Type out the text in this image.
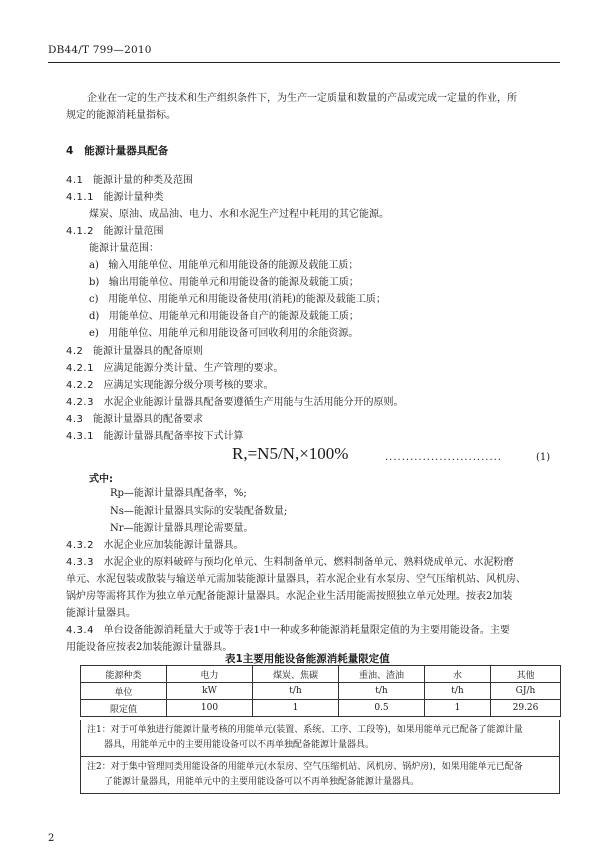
DB44/T 799—2010
企业在一定的生产技术和生产组织条件下，为生产一定质量和数量的产品或完成一定量的作业，所
规定的能源消耗量指标。
4 能源计量器具配备
4.1 能源计量的种类及范围
4.1.1 能源计量种类
煤炭、原油、成品油、电力、水和水泥生产过程中耗用的其它能源。
4.1.2 能源计量范围
能源计量范围：
a) 输入用能单位、用能单元和用能设备的能源及载能工质；
b) 输出用能单位、用能单元和用能设备的能源及载能工质；
c) 用能单位、用能单元和用能设备使用(消耗)的能源及载能工质；
d) 用能单位、用能单元和用能设备自产的能源及载能工质；
e) 用能单位、用能单元和用能设备可回收利用的余能资源。
4.2 能源计量器具的配备原则
4.2.1 应满足能源分类计量、生产管理的要求。
4.2.2 应满足实现能源分级分项考核的要求。
4.2.3 水泥企业能源计量器具配备要遵循生产用能与生活用能分开的原则。
4.3 能源计量器具的配备要求
4.3.1 能源计量器具配备率按下式计算
R,=N5/N,×100%	............................	(1)
式中:
Rp—能源计量器具配备率，%;
Ns—能源计量器具实际的安装配备数量;
Nr—能源计量器具理论需要量。
4.3.2 水泥企业应加装能源计量器具。
4.3.3 水泥企业的原料破碎与预均化单元、生料制备单元、燃料制备单元、熟料烧成单元、水泥粉磨
单元、水泥包装或散装与输送单元需加装能源计量器具，若水泥企业有水泵房、空气压缩机站、风机房、
锅炉房等需将其作为独立单元配备能源计量器具。水泥企业生活用能需按照独立单元处理。按表2加装
能源计量器具。
4.3.4 单台设备能源消耗量大于或等于表1中一种或多种能源消耗量限定值的为主要用能设备。主要
用能设备应按表2加装能源计量器具。
表1主要用能设备能源消耗量限定值
能源种类	电力	煤炭、焦碳	重油、渣油	水	其他
单位	kW	t/h	t/h	t/h	GJ/h
限定值	100	1	0.5	1	29.26
注1：对于可单独进行能源计量考核的用能单元(装置、系统、工序、工段等)，如果用能单元已配备了能源计量
器具，用能单元中的主要用能设备可以不再单独配备能源计量器具。
注2：对于集中管理同类用能设备的用能单元(水泵房、空气压缩机站、风机房、锅炉房)，如果用能单元已配备
了能源计量器具，用能单元中的主要用能设备可以不再单独配备能源计量器具。
2
